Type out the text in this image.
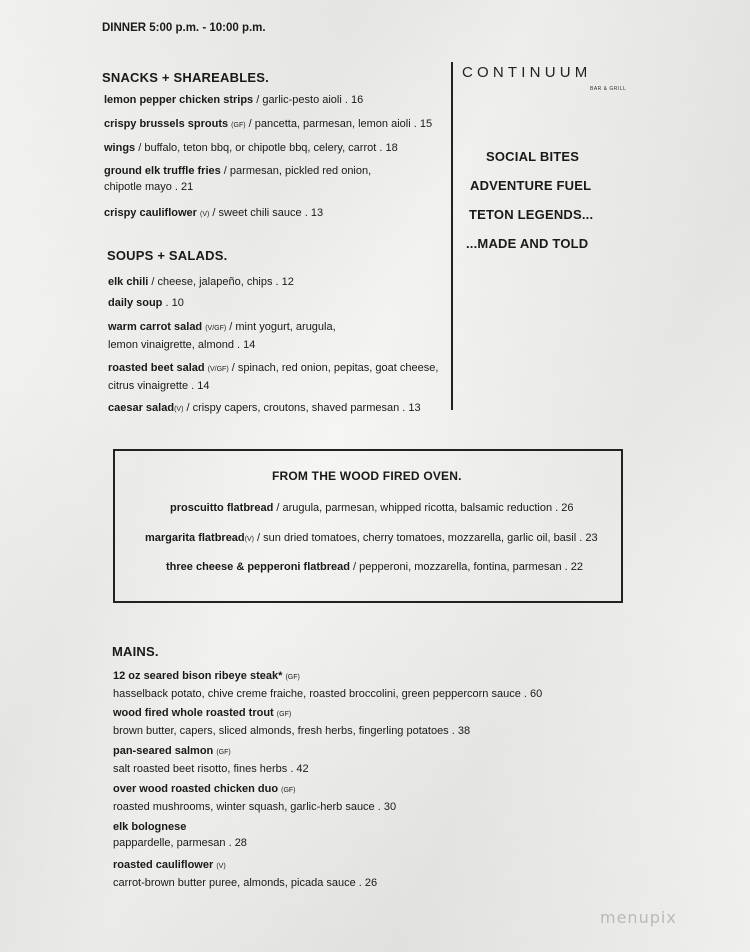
DINNER 5:00 p.m. - 10:00 p.m.
SNACKS + SHAREABLES.
lemon pepper chicken strips / garlic-pesto aioli . 16
crispy brussels sprouts (GF) / pancetta, parmesan, lemon aioli . 15
wings / buffalo, teton bbq, or chipotle bbq, celery, carrot . 18
ground elk truffle fries / parmesan, pickled red onion,
chipotle mayo . 21
crispy cauliflower (V) / sweet chili sauce . 13
SOUPS + SALADS.
elk chili / cheese, jalapeño, chips . 12
daily soup . 10
warm carrot salad (V/GF) / mint yogurt, arugula,
lemon vinaigrette, almond . 14
roasted beet salad (V/GF) / spinach, red onion, pepitas, goat cheese,
citrus vinaigrette . 14
caesar salad(V) / crispy capers, croutons, shaved parmesan . 13
CONTINUUM
BAR & GRILL
SOCIAL BITES
ADVENTURE FUEL
TETON LEGENDS...
...MADE AND TOLD
FROM THE WOOD FIRED OVEN.
proscuitto flatbread / arugula, parmesan, whipped ricotta, balsamic reduction . 26
margarita flatbread(V) / sun dried tomatoes, cherry tomatoes, mozzarella, garlic oil, basil . 23
three cheese & pepperoni flatbread / pepperoni, mozzarella, fontina, parmesan . 22
MAINS.
12 oz seared bison ribeye steak* (GF)
hasselback potato, chive creme fraiche, roasted broccolini, green peppercorn sauce . 60
wood fired whole roasted trout (GF)
brown butter, capers, sliced almonds, fresh herbs, fingerling potatoes . 38
pan-seared salmon (GF)
salt roasted beet risotto, fines herbs . 42
over wood roasted chicken duo (GF)
roasted mushrooms, winter squash, garlic-herb sauce . 30
elk bolognese
pappardelle, parmesan . 28
roasted cauliflower (V)
carrot-brown butter puree, almonds, picada sauce . 26
menupix
